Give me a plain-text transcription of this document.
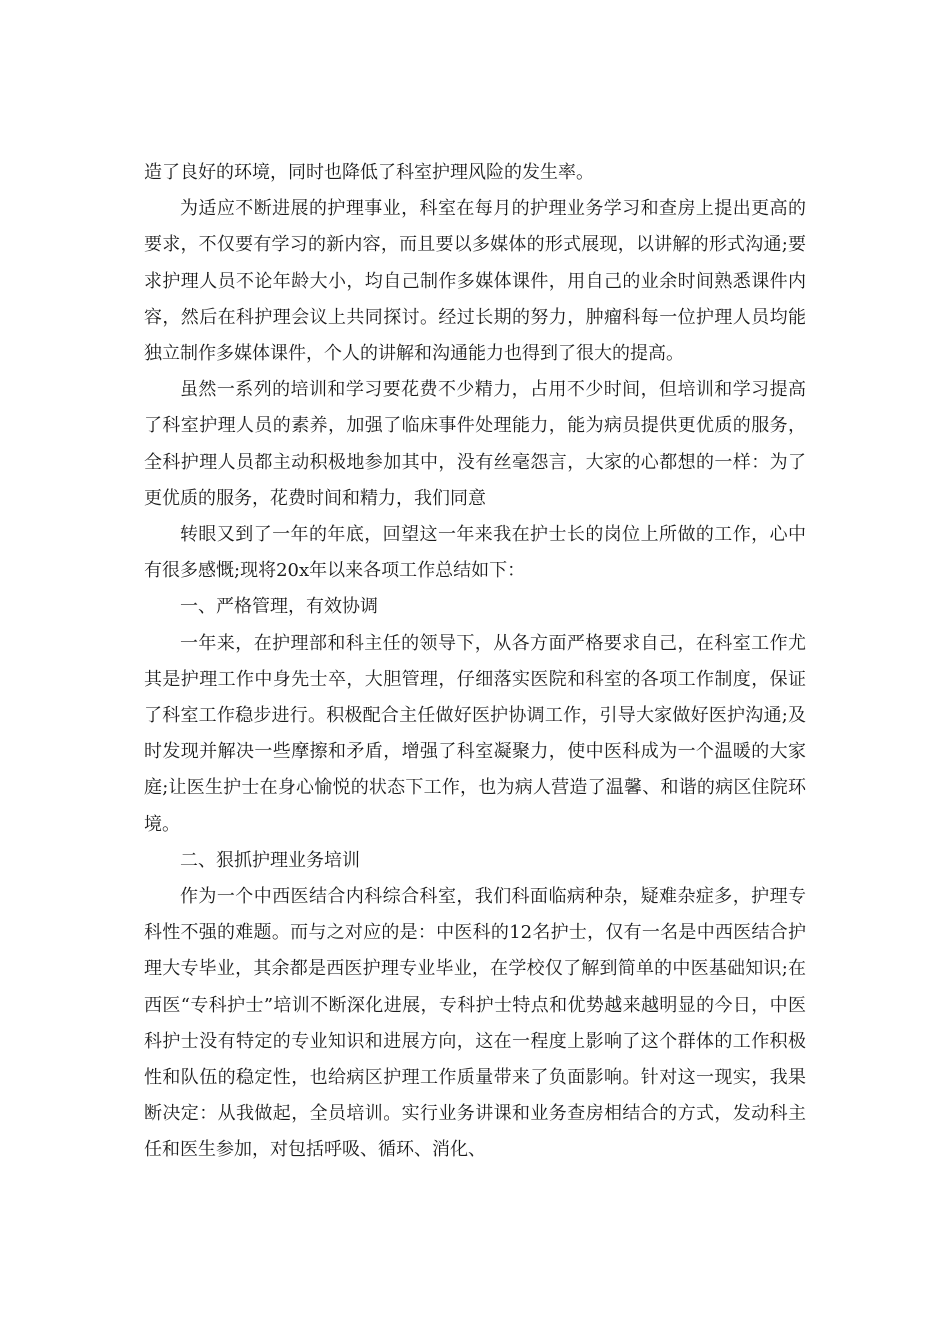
造了良好的环境，同时也降低了科室护理风险的发生率。

为适应不断进展的护理事业，科室在每月的护理业务学习和查房上提出更高的要求，不仅要有学习的新内容，而且要以多媒体的形式展现，以讲解的形式沟通;要求护理人员不论年龄大小，均自己制作多媒体课件，用自己的业余时间熟悉课件内容，然后在科护理会议上共同探讨。经过长期的努力，肿瘤科每一位护理人员均能独立制作多媒体课件，个人的讲解和沟通能力也得到了很大的提高。

虽然一系列的培训和学习要花费不少精力，占用不少时间，但培训和学习提高了科室护理人员的素养，加强了临床事件处理能力，能为病员提供更优质的服务，全科护理人员都主动积极地参加其中，没有丝毫怨言，大家的心都想的一样：为了更优质的服务，花费时间和精力，我们同意

转眼又到了一年的年底，回望这一年来我在护士长的岗位上所做的工作，心中有很多感慨;现将20x年以来各项工作总结如下：

一、严格管理，有效协调

一年来，在护理部和科主任的领导下，从各方面严格要求自己，在科室工作尤其是护理工作中身先士卒，大胆管理，仔细落实医院和科室的各项工作制度，保证了科室工作稳步进行。积极配合主任做好医护协调工作，引导大家做好医护沟通;及时发现并解决一些摩擦和矛盾，增强了科室凝聚力，使中医科成为一个温暖的大家庭;让医生护士在身心愉悦的状态下工作，也为病人营造了温馨、和谐的病区住院环境。

二、狠抓护理业务培训

作为一个中西医结合内科综合科室，我们科面临病种杂，疑难杂症多，护理专科性不强的难题。而与之对应的是：中医科的12名护士，仅有一名是中西医结合护理大专毕业，其余都是西医护理专业毕业，在学校仅了解到简单的中医基础知识;在西医“专科护士”培训不断深化进展，专科护士特点和优势越来越明显的今日，中医科护士没有特定的专业知识和进展方向，这在一程度上影响了这个群体的工作积极性和队伍的稳定性，也给病区护理工作质量带来了负面影响。针对这一现实，我果断决定：从我做起，全员培训。实行业务讲课和业务查房相结合的方式，发动科主任和医生参加，对包括呼吸、循环、消化、
